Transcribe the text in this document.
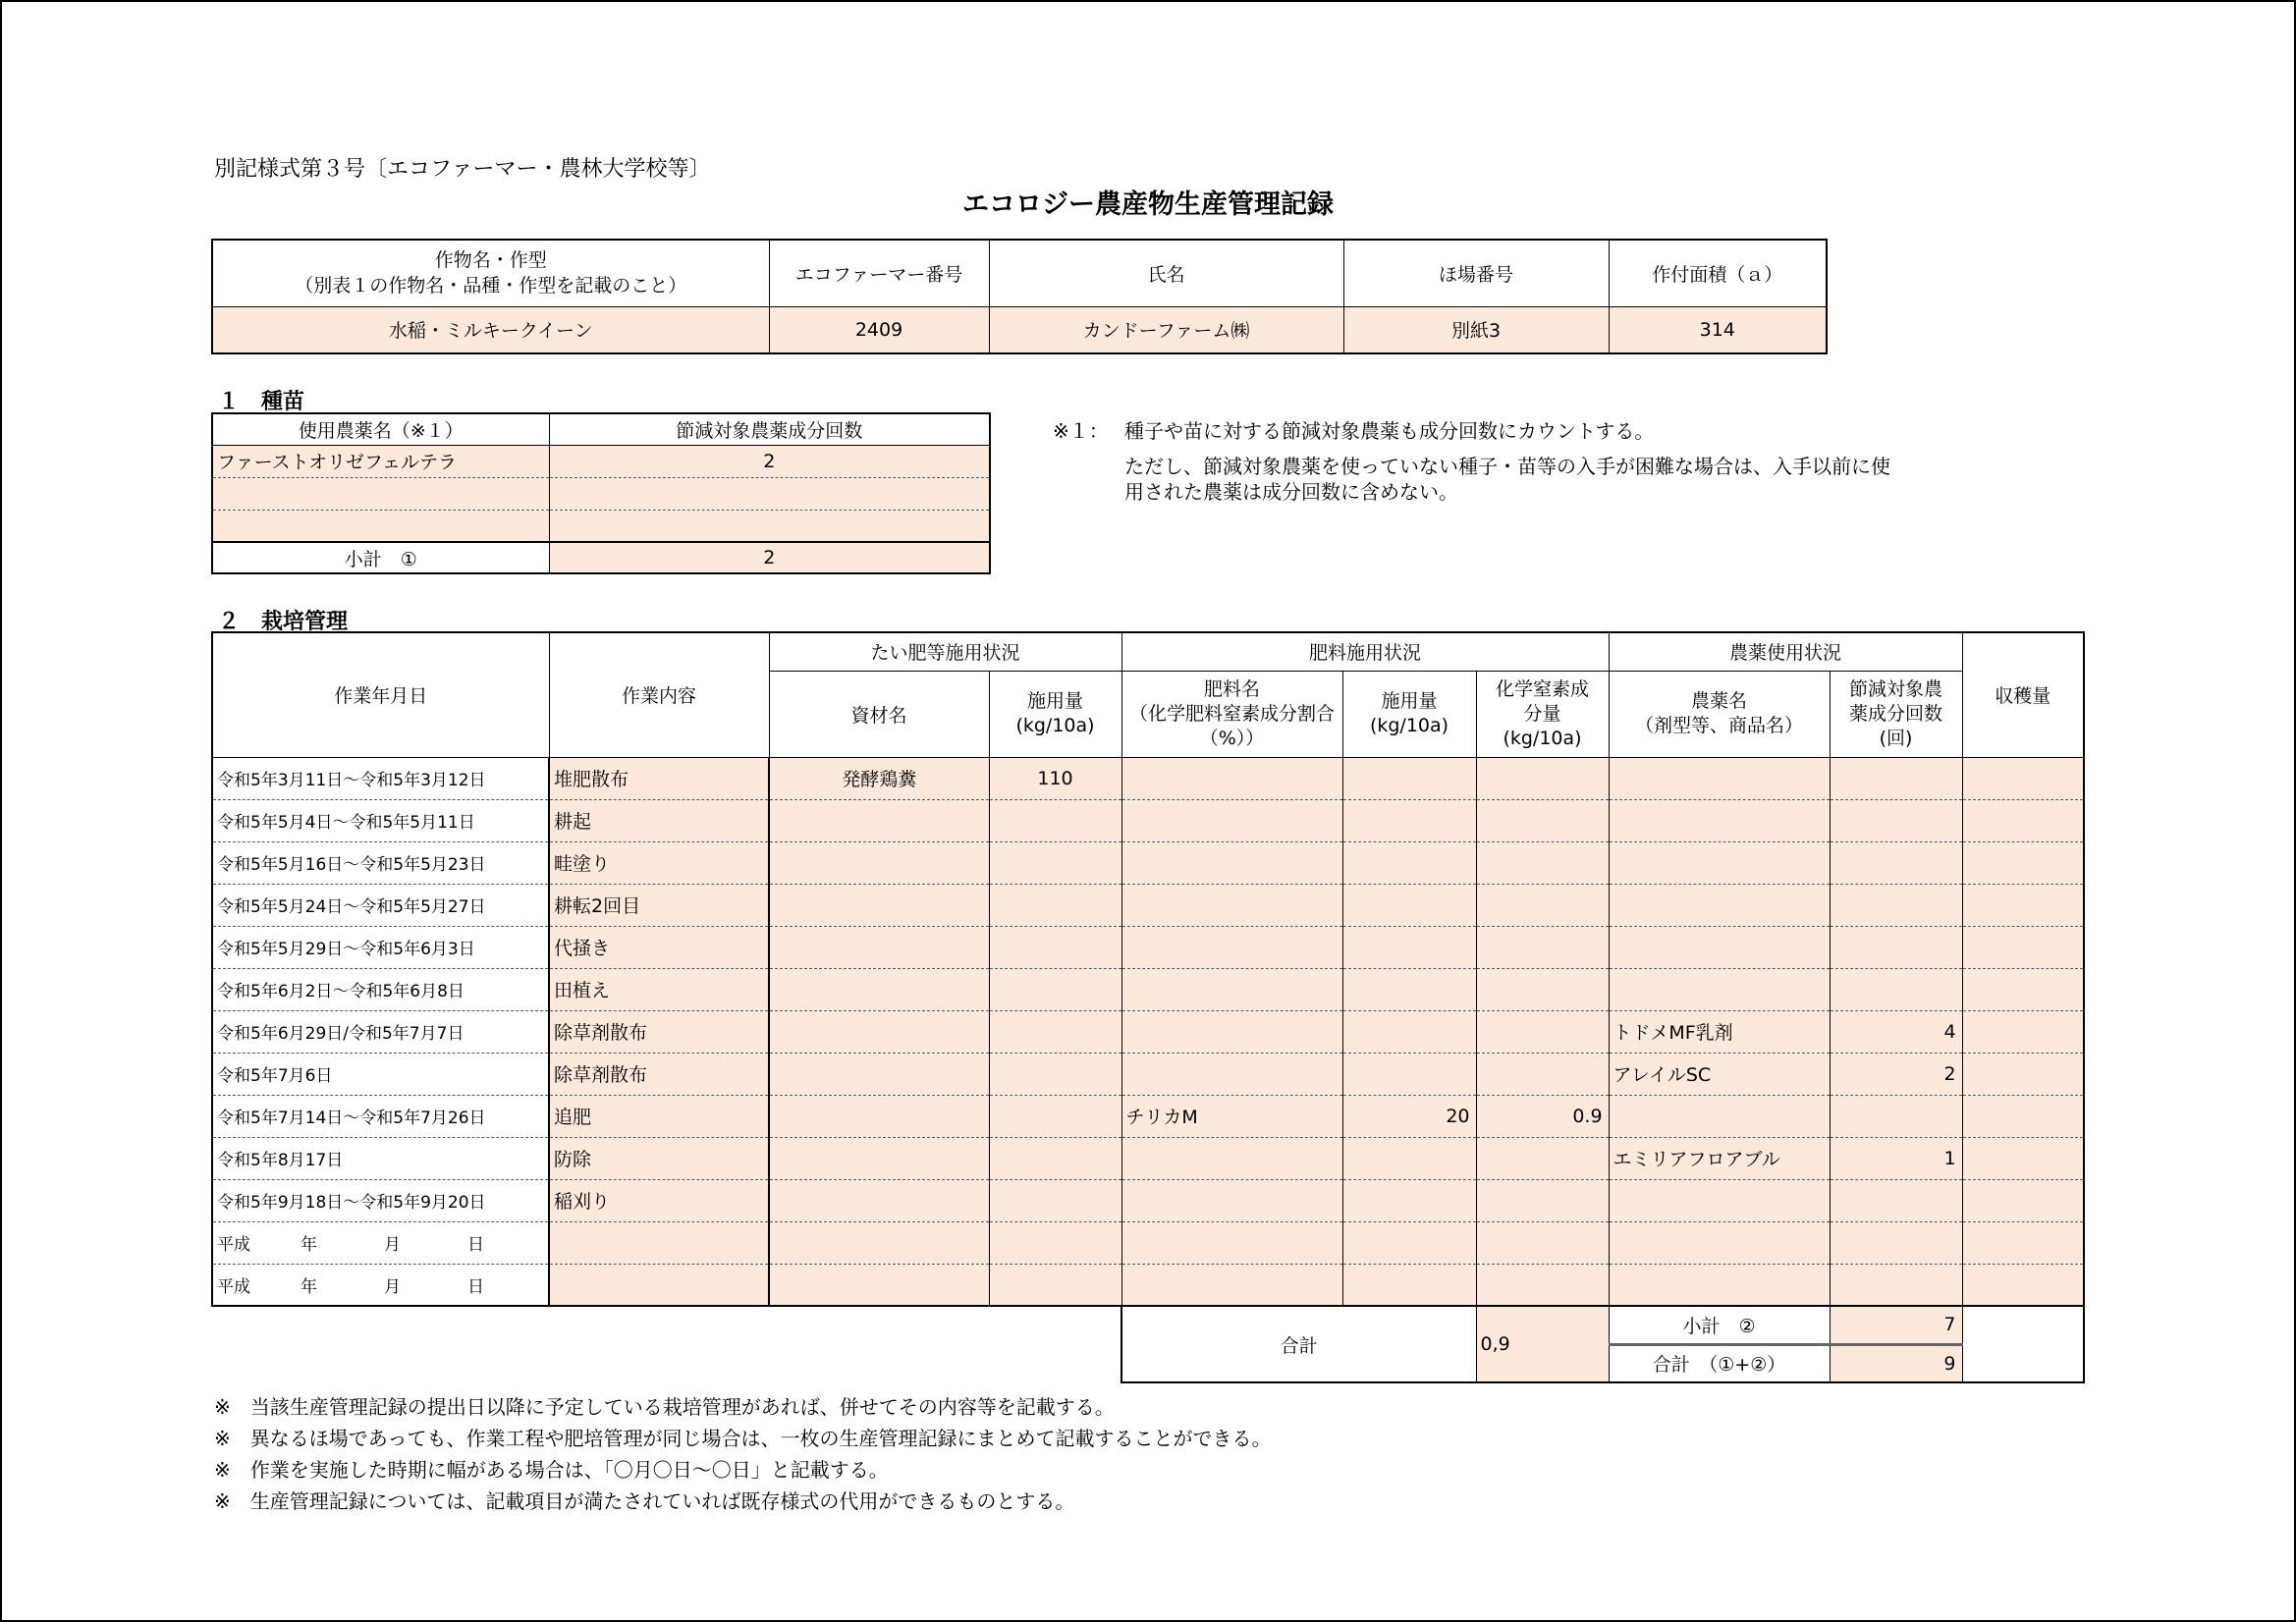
別記様式第３号〔エコファーマー・農林大学校等〕
エコロジー農産物生産管理記録
作物名・作型
（別表１の作物名・品種・作型を記載のこと）	エコファーマー番号	氏名	ほ場番号	作付面積（ａ）
水稲・ミルキークイーン	2409	カンドーファーム㈱	別紙3	314
１　種苗
使用農薬名（※１）	節減対象農薬成分回数
ファーストオリゼフェルテラ	2

小計　①	2
※１： 種子や苗に対する節減対象農薬も成分回数にカウントする。
ただし、節減対象農薬を使っていない種子・苗等の入手が困難な場合は、入手以前に使
用された農薬は成分回数に含めない。
２　栽培管理
作業年月日	作業内容	たい肥等施用状況		肥料施用状況			農薬使用状況		収穫量
		資材名	施用量
(kg/10a)	肥料名
（化学肥料窒素成分割合（%））	施用量
(kg/10a)	化学窒素成
分量
(kg/10a)	農薬名
（剤型等、商品名）	節減対象農
薬成分回数
(回)	
令和5年3月11日～令和5年3月12日	堆肥散布	発酵鶏糞	110						
令和5年5月4日～令和5年5月11日	耕起								
令和5年5月16日～令和5年5月23日	畦塗り								
令和5年5月24日～令和5年5月27日	耕転2回目								
令和5年5月29日～令和5年6月3日	代掻き								
令和5年6月2日～令和5年6月8日	田植え								
令和5年6月29日/令和5年7月7日	除草剤散布						トドメMF乳剤	4	
令和5年7月6日	除草剤散布						アレイルSC	2	
令和5年7月14日～令和5年7月26日	追肥			チリカM	20	0.9			
令和5年8月17日	防除						エミリアフロアブル	1	
令和5年9月18日～令和5年9月20日	稲刈り								
平成　　　年　　　　月　　　　日									
平成　　　年　　　　月　　　　日									
合計	0,9	小計　②	7	
		合計　（①+②）	9	
※　当該生産管理記録の提出日以降に予定している栽培管理があれば、併せてその内容等を記載する。
※　異なるほ場であっても、作業工程や肥培管理が同じ場合は、一枚の生産管理記録にまとめて記載することができる。
※　作業を実施した時期に幅がある場合は、「〇月〇日～〇日」と記載する。
※　生産管理記録については、記載項目が満たされていれば既存様式の代用ができるものとする。
